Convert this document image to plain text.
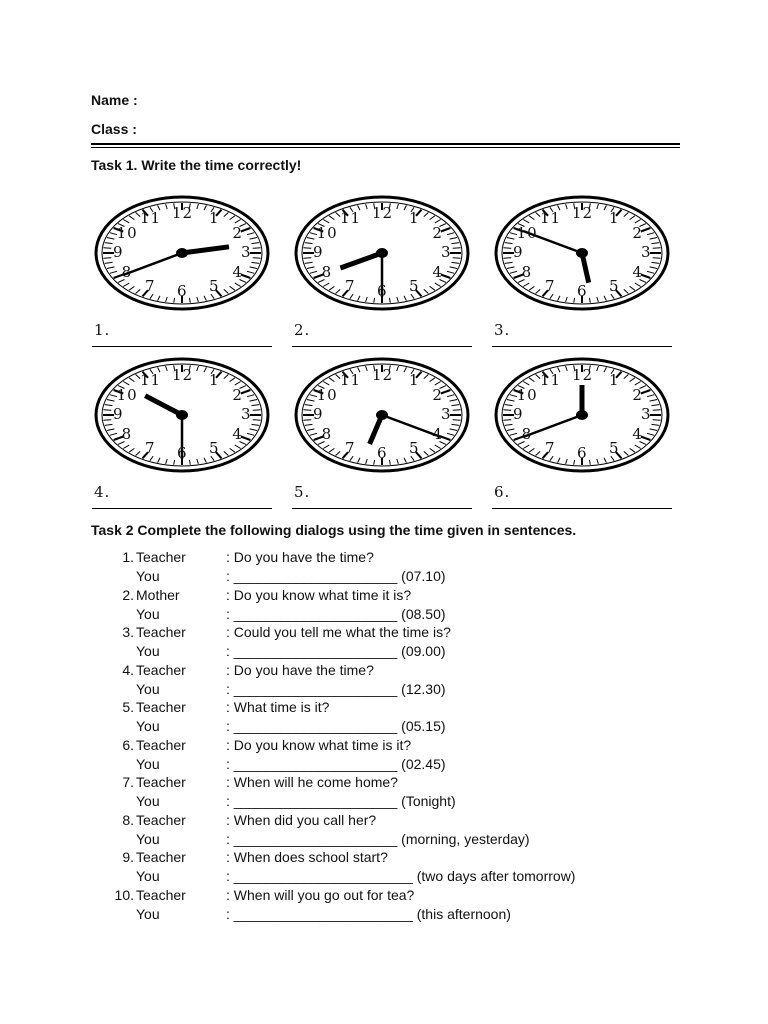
Name :
Class :
Task 1. Write the time correctly!
12 1
2
3
4
5
6
7
8
9
10
11
1.
12 1
2
3
4
5
6
7
8
9
10
11
2.
12 1
2
3
4
5
6
7
8
9
10
11
3.
12 1
2
3
4
5
6
7
8
9
10
11
4.
12 1
2
3
4
5
6
7
8
9
10
11
5.
12 1
2
3
4
5
6
7
8
9
10
11
6.
Task 2 Complete the following dialogs using the time given in sentences.
1. Teacher	: Do you have the time?
You	: _____________________ (07.10)
2. Mother	: Do you know what time it is?
You	: _____________________ (08.50)
3. Teacher	: Could you tell me what the time is?
You	: _____________________ (09.00)
4. Teacher	: Do you have the time?
You	: _____________________ (12.30)
5. Teacher	: What time is it?
You	: _____________________ (05.15)
6. Teacher	: Do you know what time is it?
You	: _____________________ (02.45)
7. Teacher	: When will he come home?
You	: _____________________ (Tonight)
8. Teacher	: When did you call her?
You	: _____________________ (morning, yesterday)
9. Teacher	: When does school start?
You	: _______________________ (two days after tomorrow)
10. Teacher	: When will you go out for tea?
You	: _______________________ (this afternoon)
